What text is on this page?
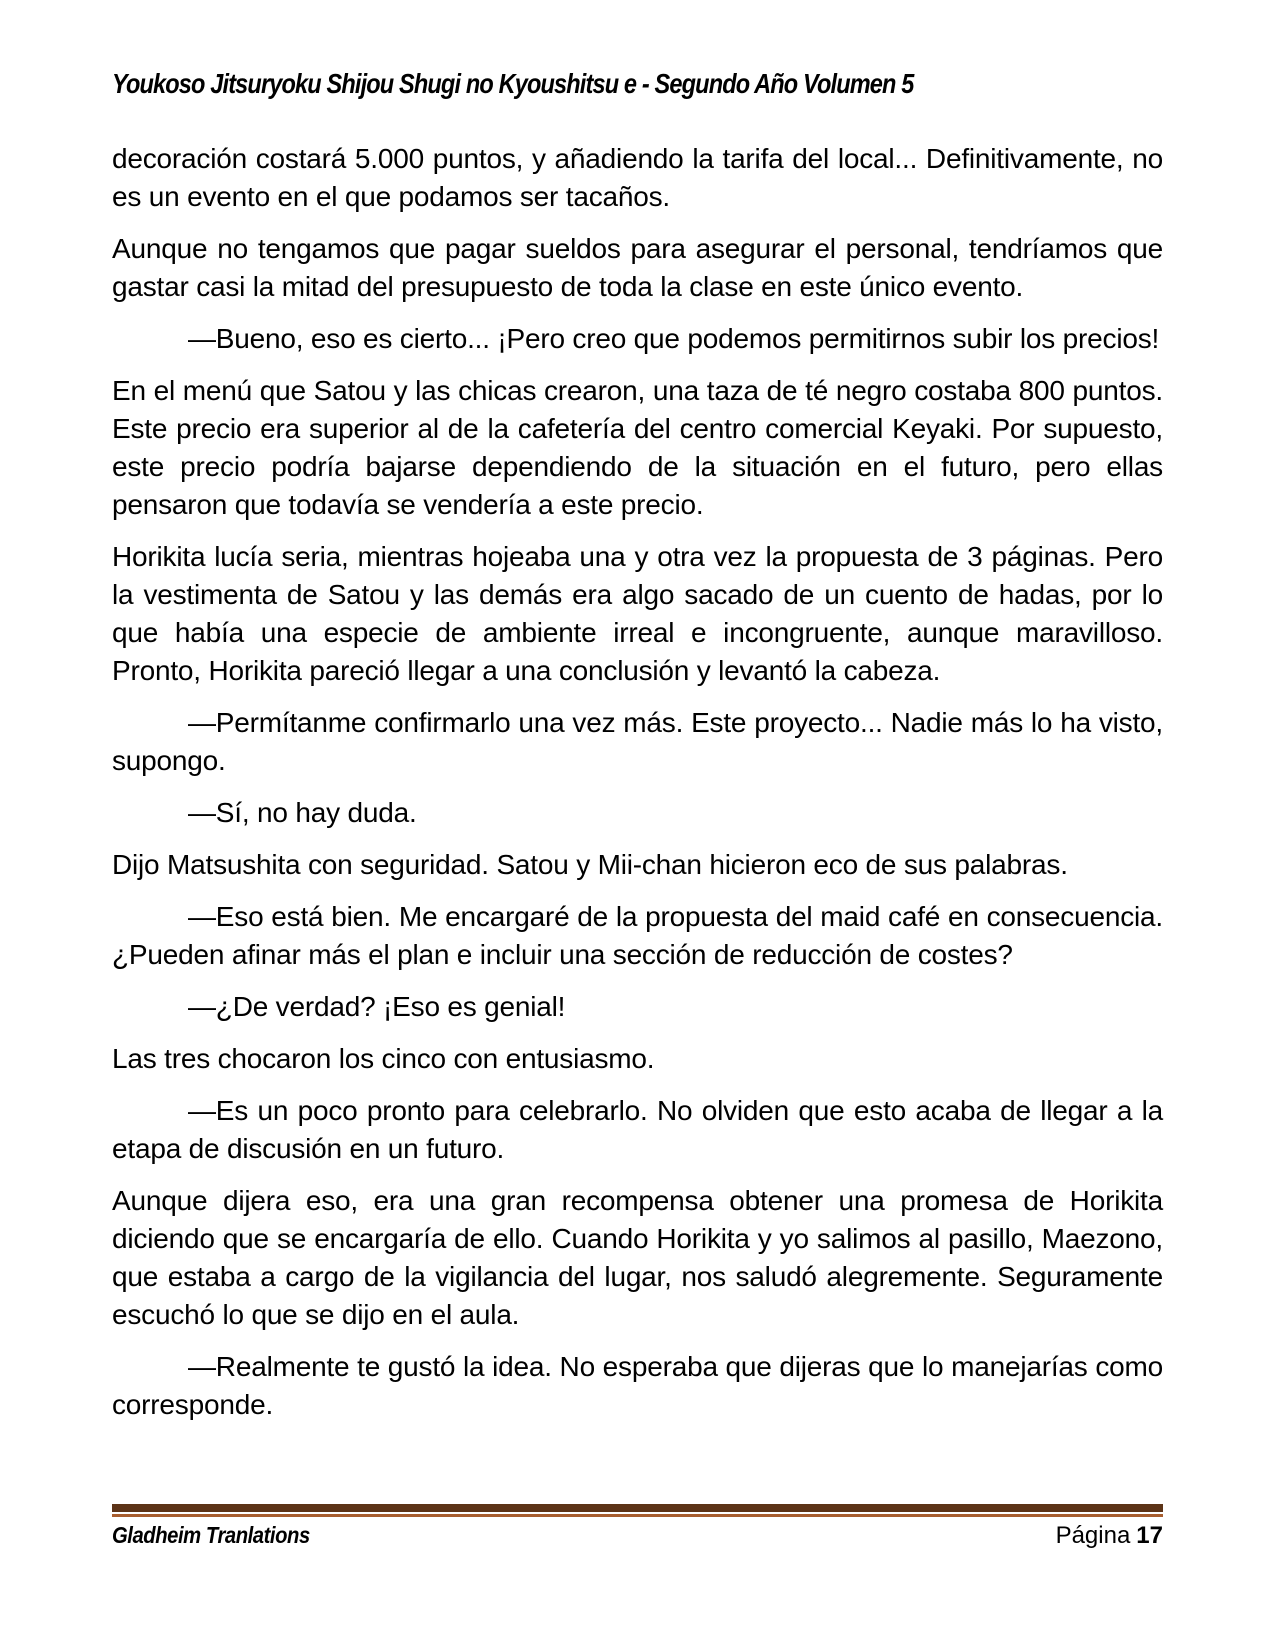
Youkoso Jitsuryoku Shijou Shugi no Kyoushitsu e - Segundo Año Volumen 5

decoración costará 5.000 puntos, y añadiendo la tarifa del local... Definitivamente, no es un evento en el que podamos ser tacaños.

Aunque no tengamos que pagar sueldos para asegurar el personal, tendríamos que gastar casi la mitad del presupuesto de toda la clase en este único evento.

—Bueno, eso es cierto... ¡Pero creo que podemos permitirnos subir los precios!

En el menú que Satou y las chicas crearon, una taza de té negro costaba 800 puntos. Este precio era superior al de la cafetería del centro comercial Keyaki. Por supuesto, este precio podría bajarse dependiendo de la situación en el futuro, pero ellas pensaron que todavía se vendería a este precio.

Horikita lucía seria, mientras hojeaba una y otra vez la propuesta de 3 páginas. Pero la vestimenta de Satou y las demás era algo sacado de un cuento de hadas, por lo que había una especie de ambiente irreal e incongruente, aunque maravilloso. Pronto, Horikita pareció llegar a una conclusión y levantó la cabeza.

—Permítanme confirmarlo una vez más. Este proyecto... Nadie más lo ha visto, supongo.

—Sí, no hay duda.

Dijo Matsushita con seguridad. Satou y Mii-chan hicieron eco de sus palabras.

—Eso está bien. Me encargaré de la propuesta del maid café en consecuencia. ¿Pueden afinar más el plan e incluir una sección de reducción de costes?

—¿De verdad? ¡Eso es genial!

Las tres chocaron los cinco con entusiasmo.

—Es un poco pronto para celebrarlo. No olviden que esto acaba de llegar a la etapa de discusión en un futuro.

Aunque dijera eso, era una gran recompensa obtener una promesa de Horikita diciendo que se encargaría de ello. Cuando Horikita y yo salimos al pasillo, Maezono, que estaba a cargo de la vigilancia del lugar, nos saludó alegremente. Seguramente escuchó lo que se dijo en el aula.

—Realmente te gustó la idea. No esperaba que dijeras que lo manejarías como corresponde.

Gladheim Tranlations	Página 17
